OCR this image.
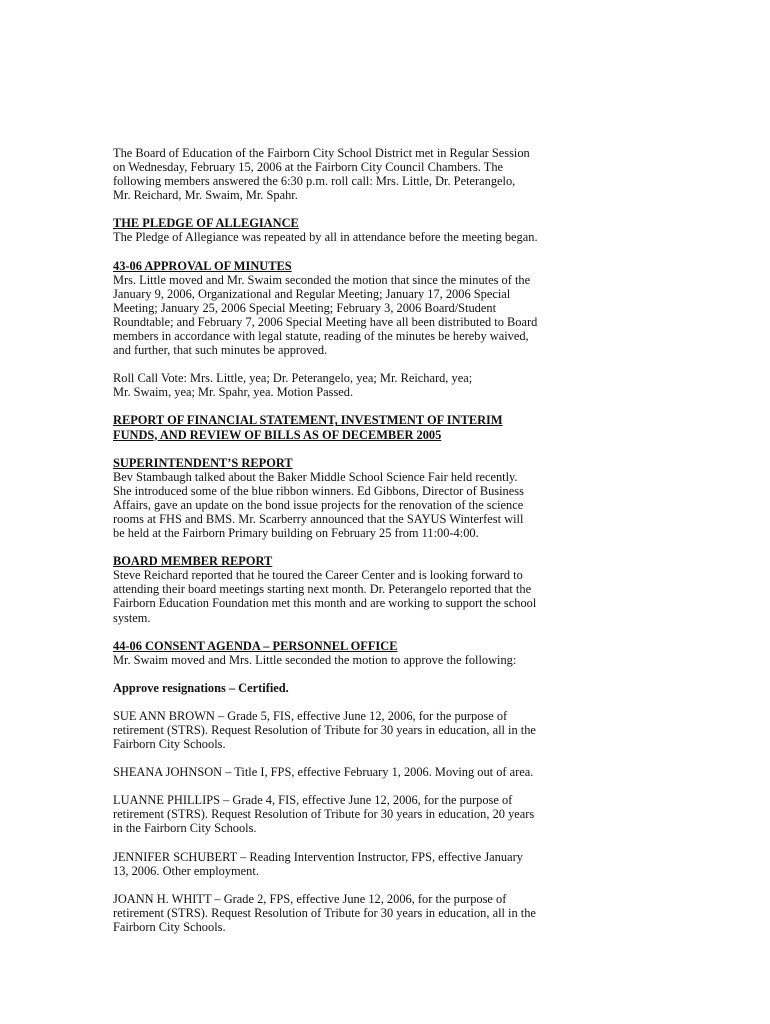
The Board of Education of the Fairborn City School District met in Regular Session
on Wednesday, February 15, 2006 at the Fairborn City Council Chambers. The
following members answered the 6:30 p.m. roll call: Mrs. Little, Dr. Peterangelo,
Mr. Reichard, Mr. Swaim, Mr. Spahr.

THE PLEDGE OF ALLEGIANCE
The Pledge of Allegiance was repeated by all in attendance before the meeting began.

43-06 APPROVAL OF MINUTES
Mrs. Little moved and Mr. Swaim seconded the motion that since the minutes of the
January 9, 2006, Organizational and Regular Meeting; January 17, 2006 Special
Meeting; January 25, 2006 Special Meeting; February 3, 2006 Board/Student
Roundtable; and February 7, 2006 Special Meeting have all been distributed to Board
members in accordance with legal statute, reading of the minutes be hereby waived,
and further, that such minutes be approved.

Roll Call Vote: Mrs. Little, yea; Dr. Peterangelo, yea; Mr. Reichard, yea;
Mr. Swaim, yea; Mr. Spahr, yea. Motion Passed.

REPORT OF FINANCIAL STATEMENT, INVESTMENT OF INTERIM
FUNDS, AND REVIEW OF BILLS AS OF DECEMBER 2005

SUPERINTENDENT’S REPORT
Bev Stambaugh talked about the Baker Middle School Science Fair held recently.
She introduced some of the blue ribbon winners. Ed Gibbons, Director of Business
Affairs, gave an update on the bond issue projects for the renovation of the science
rooms at FHS and BMS. Mr. Scarberry announced that the SAYUS Winterfest will
be held at the Fairborn Primary building on February 25 from 11:00-4:00.

BOARD MEMBER REPORT
Steve Reichard reported that he toured the Career Center and is looking forward to
attending their board meetings starting next month. Dr. Peterangelo reported that the
Fairborn Education Foundation met this month and are working to support the school
system.

44-06 CONSENT AGENDA – PERSONNEL OFFICE
Mr. Swaim moved and Mrs. Little seconded the motion to approve the following:

Approve resignations – Certified.

SUE ANN BROWN – Grade 5, FIS, effective June 12, 2006, for the purpose of
retirement (STRS). Request Resolution of Tribute for 30 years in education, all in the
Fairborn City Schools.

SHEANA JOHNSON – Title I, FPS, effective February 1, 2006. Moving out of area.

LUANNE PHILLIPS – Grade 4, FIS, effective June 12, 2006, for the purpose of
retirement (STRS). Request Resolution of Tribute for 30 years in education, 20 years
in the Fairborn City Schools.

JENNIFER SCHUBERT – Reading Intervention Instructor, FPS, effective January
13, 2006. Other employment.

JOANN H. WHITT – Grade 2, FPS, effective June 12, 2006, for the purpose of
retirement (STRS). Request Resolution of Tribute for 30 years in education, all in the
Fairborn City Schools.
